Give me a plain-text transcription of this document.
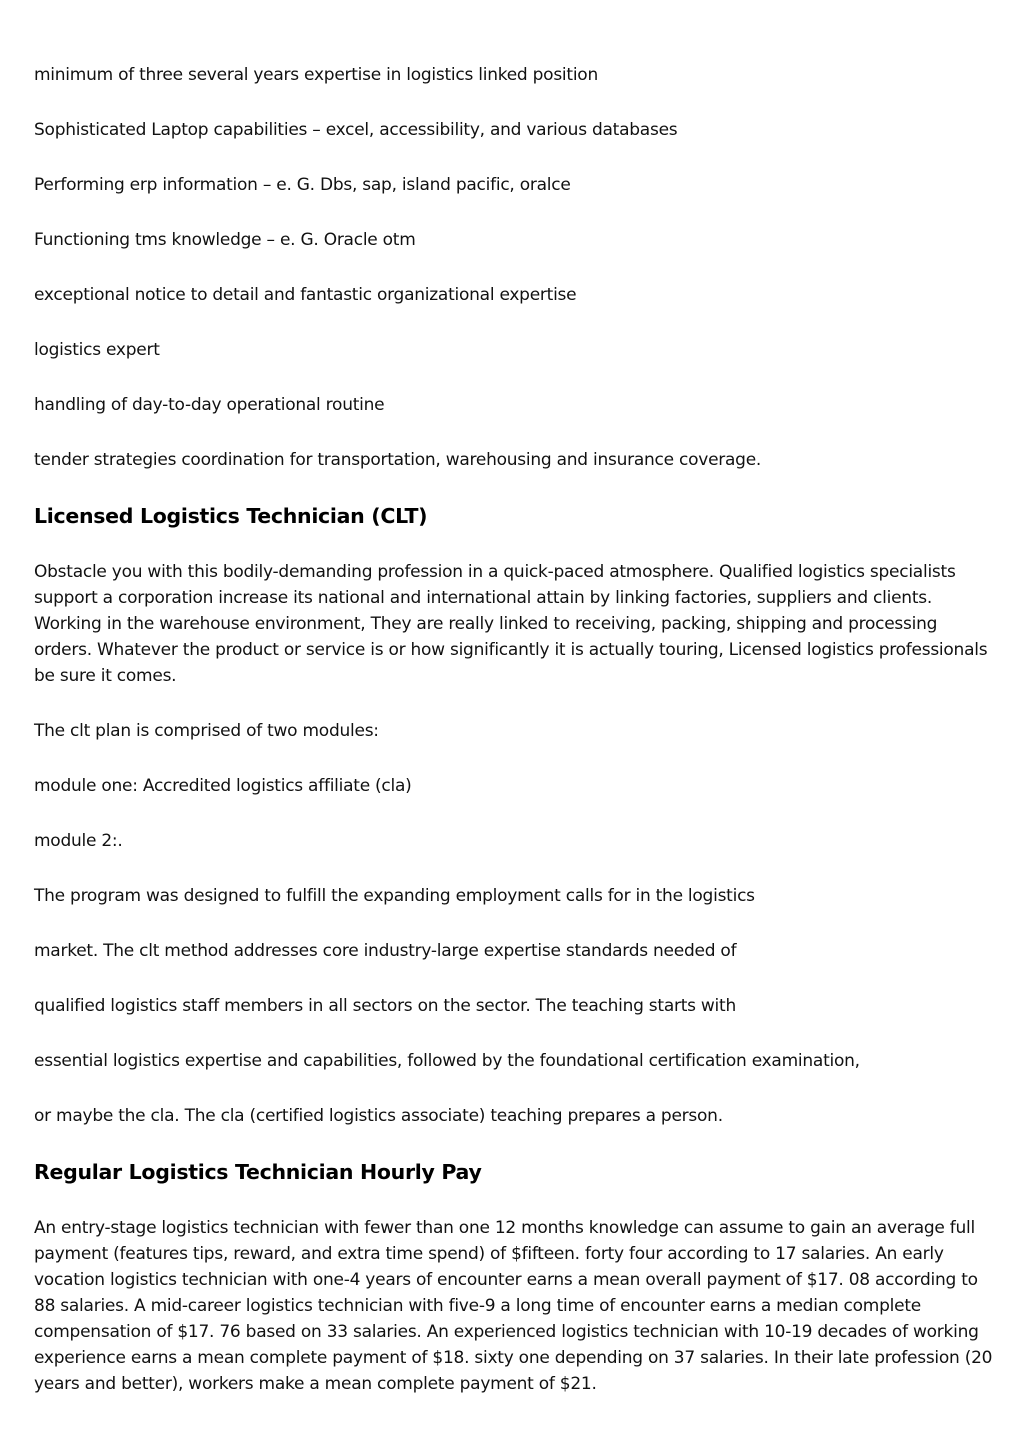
minimum of three several years expertise in logistics linked position

Sophisticated Laptop capabilities – excel, accessibility, and various databases

Performing erp information – e. G. Dbs, sap, island pacific, oralce

Functioning tms knowledge – e. G. Oracle otm

exceptional notice to detail and fantastic organizational expertise

logistics expert

handling of day-to-day operational routine

tender strategies coordination for transportation, warehousing and insurance coverage.

Licensed Logistics Technician (CLT)

Obstacle you with this bodily-demanding profession in a quick-paced atmosphere. Qualified logistics specialists support a corporation increase its national and international attain by linking factories, suppliers and clients. Working in the warehouse environment, They are really linked to receiving, packing, shipping and processing orders. Whatever the product or service is or how significantly it is actually touring, Licensed logistics professionals be sure it comes.

The clt plan is comprised of two modules:

module one: Accredited logistics affiliate (cla)

module 2:.

The program was designed to fulfill the expanding employment calls for in the logistics

market. The clt method addresses core industry-large expertise standards needed of

qualified logistics staff members in all sectors on the sector. The teaching starts with

essential logistics expertise and capabilities, followed by the foundational certification examination,

or maybe the cla. The cla (certified logistics associate) teaching prepares a person.

Regular Logistics Technician Hourly Pay

An entry-stage logistics technician with fewer than one 12 months knowledge can assume to gain an average full payment (features tips, reward, and extra time spend) of $fifteen. forty four according to 17 salaries. An early vocation logistics technician with one-4 years of encounter earns a mean overall payment of $17. 08 according to 88 salaries. A mid-career logistics technician with five-9 a long time of encounter earns a median complete compensation of $17. 76 based on 33 salaries. An experienced logistics technician with 10-19 decades of working experience earns a mean complete payment of $18. sixty one depending on 37 salaries. In their late profession (20 years and better), workers make a mean complete payment of $21.
